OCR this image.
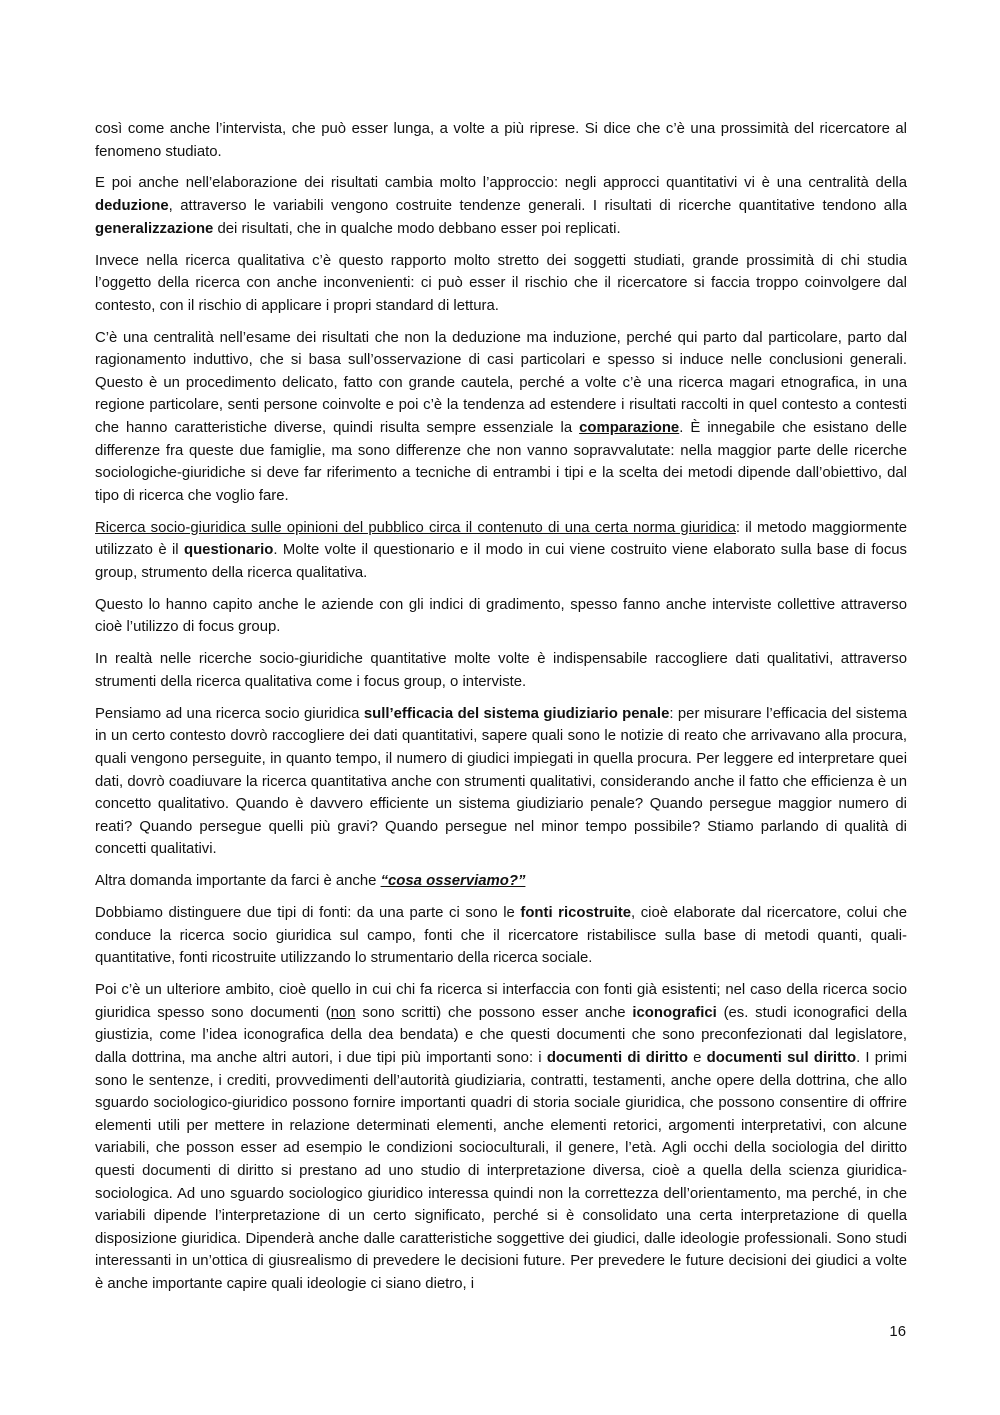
così come anche l’intervista, che può esser lunga, a volte a più riprese. Si dice che c’è una prossimità del ricercatore al fenomeno studiato.

E poi anche nell’elaborazione dei risultati cambia molto l’approccio: negli approcci quantitativi vi è una centralità della deduzione, attraverso le variabili vengono costruite tendenze generali. I risultati di ricerche quantitative tendono alla generalizzazione dei risultati, che in qualche modo debbano esser poi replicati.

Invece nella ricerca qualitativa c’è questo rapporto molto stretto dei soggetti studiati, grande prossimità di chi studia l’oggetto della ricerca con anche inconvenienti: ci può esser il rischio che il ricercatore si faccia troppo coinvolgere dal contesto, con il rischio di applicare i propri standard di lettura.

C’è una centralità nell’esame dei risultati che non la deduzione ma induzione, perché qui parto dal particolare, parto dal ragionamento induttivo, che si basa sull’osservazione di casi particolari e spesso si induce nelle conclusioni generali. Questo è un procedimento delicato, fatto con grande cautela, perché a volte c’è una ricerca magari etnografica, in una regione particolare, senti persone coinvolte e poi c’è la tendenza ad estendere i risultati raccolti in quel contesto a contesti che hanno caratteristiche diverse, quindi risulta sempre essenziale la comparazione. È innegabile che esistano delle differenze fra queste due famiglie, ma sono differenze che non vanno sopravvalutate: nella maggior parte delle ricerche sociologiche-giuridiche si deve far riferimento a tecniche di entrambi i tipi e la scelta dei metodi dipende dall’obiettivo, dal tipo di ricerca che voglio fare.

Ricerca socio-giuridica sulle opinioni del pubblico circa il contenuto di una certa norma giuridica: il metodo maggiormente utilizzato è il questionario. Molte volte il questionario e il modo in cui viene costruito viene elaborato sulla base di focus group, strumento della ricerca qualitativa.

Questo lo hanno capito anche le aziende con gli indici di gradimento, spesso fanno anche interviste collettive attraverso cioè l’utilizzo di focus group.

In realtà nelle ricerche socio-giuridiche quantitative molte volte è indispensabile raccogliere dati qualitativi, attraverso strumenti della ricerca qualitativa come i focus group, o interviste.

Pensiamo ad una ricerca socio giuridica sull’efficacia del sistema giudiziario penale: per misurare l’efficacia del sistema in un certo contesto dovrò raccogliere dei dati quantitativi, sapere quali sono le notizie di reato che arrivavano alla procura, quali vengono perseguite, in quanto tempo, il numero di giudici impiegati in quella procura. Per leggere ed interpretare quei dati, dovrò coadiuvare la ricerca quantitativa anche con strumenti qualitativi, considerando anche il fatto che efficienza è un concetto qualitativo. Quando è davvero efficiente un sistema giudiziario penale? Quando persegue maggior numero di reati? Quando persegue quelli più gravi? Quando persegue nel minor tempo possibile? Stiamo parlando di qualità di concetti qualitativi.

Altra domanda importante da farci è anche “cosa osserviamo?”

Dobbiamo distinguere due tipi di fonti: da una parte ci sono le fonti ricostruite, cioè elaborate dal ricercatore, colui che conduce la ricerca socio giuridica sul campo, fonti che il ricercatore ristabilisce sulla base di metodi quanti, quali-quantitative, fonti ricostruite utilizzando lo strumentario della ricerca sociale.

Poi c’è un ulteriore ambito, cioè quello in cui chi fa ricerca si interfaccia con fonti già esistenti; nel caso della ricerca socio giuridica spesso sono documenti (non sono scritti) che possono esser anche iconografici (es. studi iconografici della giustizia, come l’idea iconografica della dea bendata) e che questi documenti che sono preconfezionati dal legislatore, dalla dottrina, ma anche altri autori, i due tipi più importanti sono: i documenti di diritto e documenti sul diritto. I primi sono le sentenze, i crediti, provvedimenti dell’autorità giudiziaria, contratti, testamenti, anche opere della dottrina, che allo sguardo sociologico-giuridico possono fornire importanti quadri di storia sociale giuridica, che possono consentire di offrire elementi utili per mettere in relazione determinati elementi, anche elementi retorici, argomenti interpretativi, con alcune variabili, che posson esser ad esempio le condizioni socioculturali, il genere, l’età. Agli occhi della sociologia del diritto questi documenti di diritto si prestano ad uno studio di interpretazione diversa, cioè a quella della scienza giuridica-sociologica. Ad uno sguardo sociologico giuridico interessa quindi non la correttezza dell’orientamento, ma perché, in che variabili dipende l’interpretazione di un certo significato, perché si è consolidato una certa interpretazione di quella disposizione giuridica. Dipenderà anche dalle caratteristiche soggettive dei giudici, dalle ideologie professionali. Sono studi interessanti in un’ottica di giusrealismo di prevedere le decisioni future. Per prevedere le future decisioni dei giudici a volte è anche importante capire quali ideologie ci siano dietro, i

16
